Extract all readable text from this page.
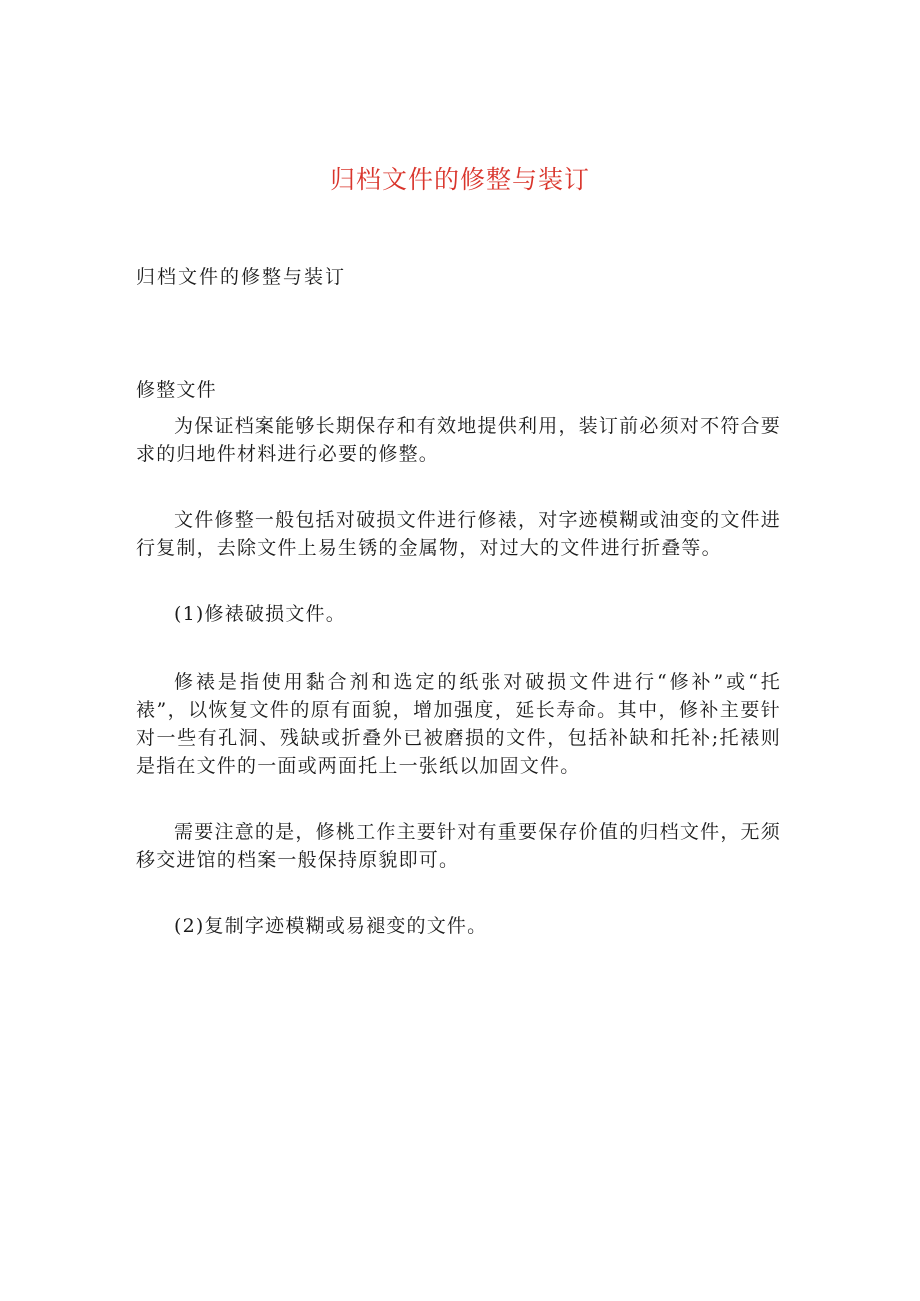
归档文件的修整与装订
归档文件的修整与装订

修整文件

为保证档案能够长期保存和有效地提供利用，装订前必须对不符合要求的归地件材料进行必要的修整。

文件修整一般包括对破损文件进行修裱，对字迹模糊或油变的文件进行复制，去除文件上易生锈的金属物，对过大的文件进行折叠等。

(1)修裱破损文件。

修裱是指使用黏合剂和选定的纸张对破损文件进行“修补”或“托裱”，以恢复文件的原有面貌，增加强度，延长寿命。其中，修补主要针对一些有孔洞、残缺或折叠外已被磨损的文件，包括补缺和托补;托裱则是指在文件的一面或两面托上一张纸以加固文件。

需要注意的是，修桃工作主要针对有重要保存价值的归档文件，无须移交进馆的档案一般保持原貌即可。

(2)复制字迹模糊或易褪变的文件。
